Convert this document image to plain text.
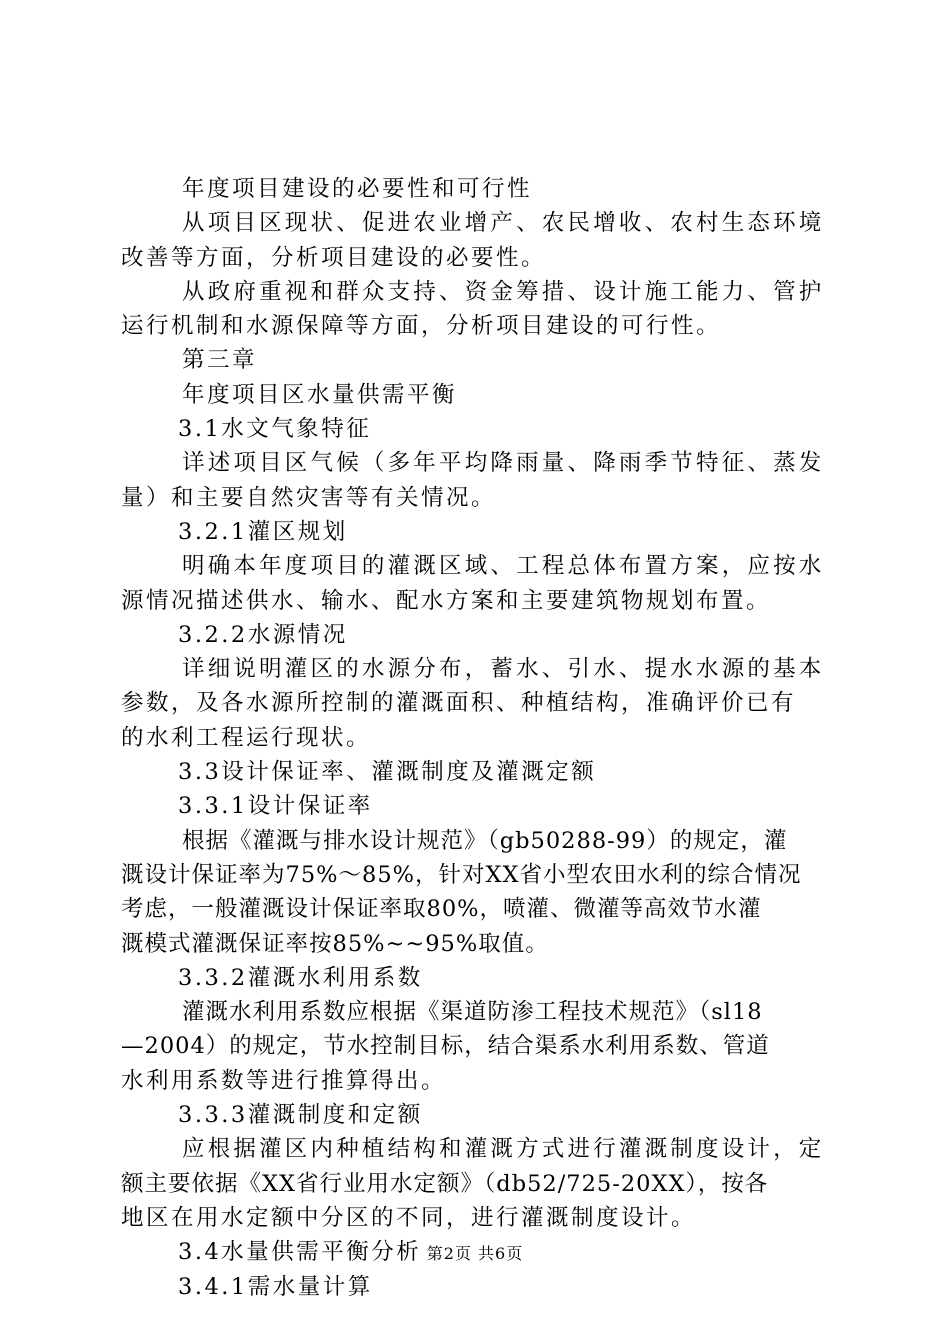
年度项目建设的必要性和可行性
从项目区现状、促进农业增产、农民增收、农村生态环境
改善等方面，分析项目建设的必要性。
从政府重视和群众支持、资金筹措、设计施工能力、管护
运行机制和水源保障等方面，分析项目建设的可行性。
第三章
年度项目区水量供需平衡
3.1水文气象特征
详述项目区气候（多年平均降雨量、降雨季节特征、蒸发
量）和主要自然灾害等有关情况。
3.2.1灌区规划
明确本年度项目的灌溉区域、工程总体布置方案，应按水
源情况描述供水、输水、配水方案和主要建筑物规划布置。
3.2.2水源情况
详细说明灌区的水源分布，蓄水、引水、提水水源的基本
参数，及各水源所控制的灌溉面积、种植结构，准确评价已有
的水利工程运行现状。
3.3设计保证率、灌溉制度及灌溉定额
3.3.1设计保证率
根据《灌溉与排水设计规范》（gb50288-99）的规定，灌
溉设计保证率为75%～85%，针对XX省小型农田水利的综合情况
考虑，一般灌溉设计保证率取80%，喷灌、微灌等高效节水灌
溉模式灌溉保证率按85%~~95%取值。
3.3.2灌溉水利用系数
灌溉水利用系数应根据《渠道防渗工程技术规范》（sl18
—2004）的规定，节水控制目标，结合渠系水利用系数、管道
水利用系数等进行推算得出。
3.3.3灌溉制度和定额
应根据灌区内种植结构和灌溉方式进行灌溉制度设计，定
额主要依据《XX省行业用水定额》（db52/725-20XX），按各
地区在用水定额中分区的不同，进行灌溉制度设计。
3.4水量供需平衡分析
3.4.1需水量计算
第2页 共6页
